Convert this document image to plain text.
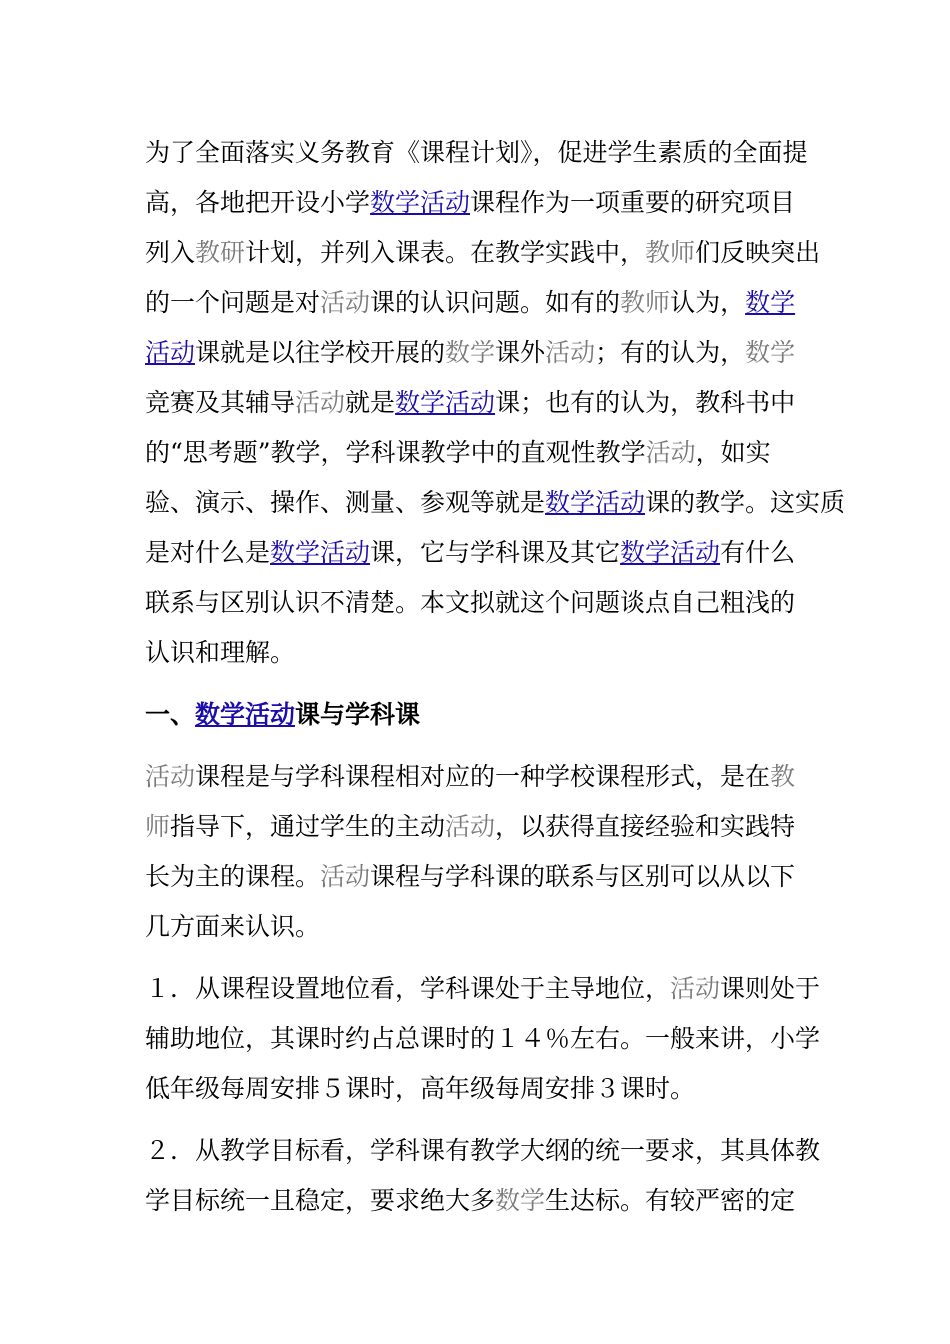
为了全面落实义务教育《课程计划》，促进学生素质的全面提
高，各地把开设小学数学活动课程作为一项重要的研究项目
列入教研计划，并列入课表。在教学实践中，教师们反映突出
的一个问题是对活动课的认识问题。如有的教师认为，数学
活动课就是以往学校开展的数学课外活动；有的认为，数学
竞赛及其辅导活动就是数学活动课；也有的认为，教科书中
的“思考题”教学，学科课教学中的直观性教学活动，如实
验、演示、操作、测量、参观等就是数学活动课的教学。这实质
是对什么是数学活动课，它与学科课及其它数学活动有什么
联系与区别认识不清楚。本文拟就这个问题谈点自己粗浅的
认识和理解。
一、数学活动课与学科课
活动课程是与学科课程相对应的一种学校课程形式，是在教
师指导下，通过学生的主动活动，以获得直接经验和实践特
长为主的课程。活动课程与学科课的联系与区别可以从以下
几方面来认识。
１．从课程设置地位看，学科课处于主导地位，活动课则处于
辅助地位，其课时约占总课时的１４％左右。一般来讲，小学
低年级每周安排５课时，高年级每周安排３课时。
２．从教学目标看，学科课有教学大纲的统一要求，其具体教
学目标统一且稳定，要求绝大多数学生达标。有较严密的定
